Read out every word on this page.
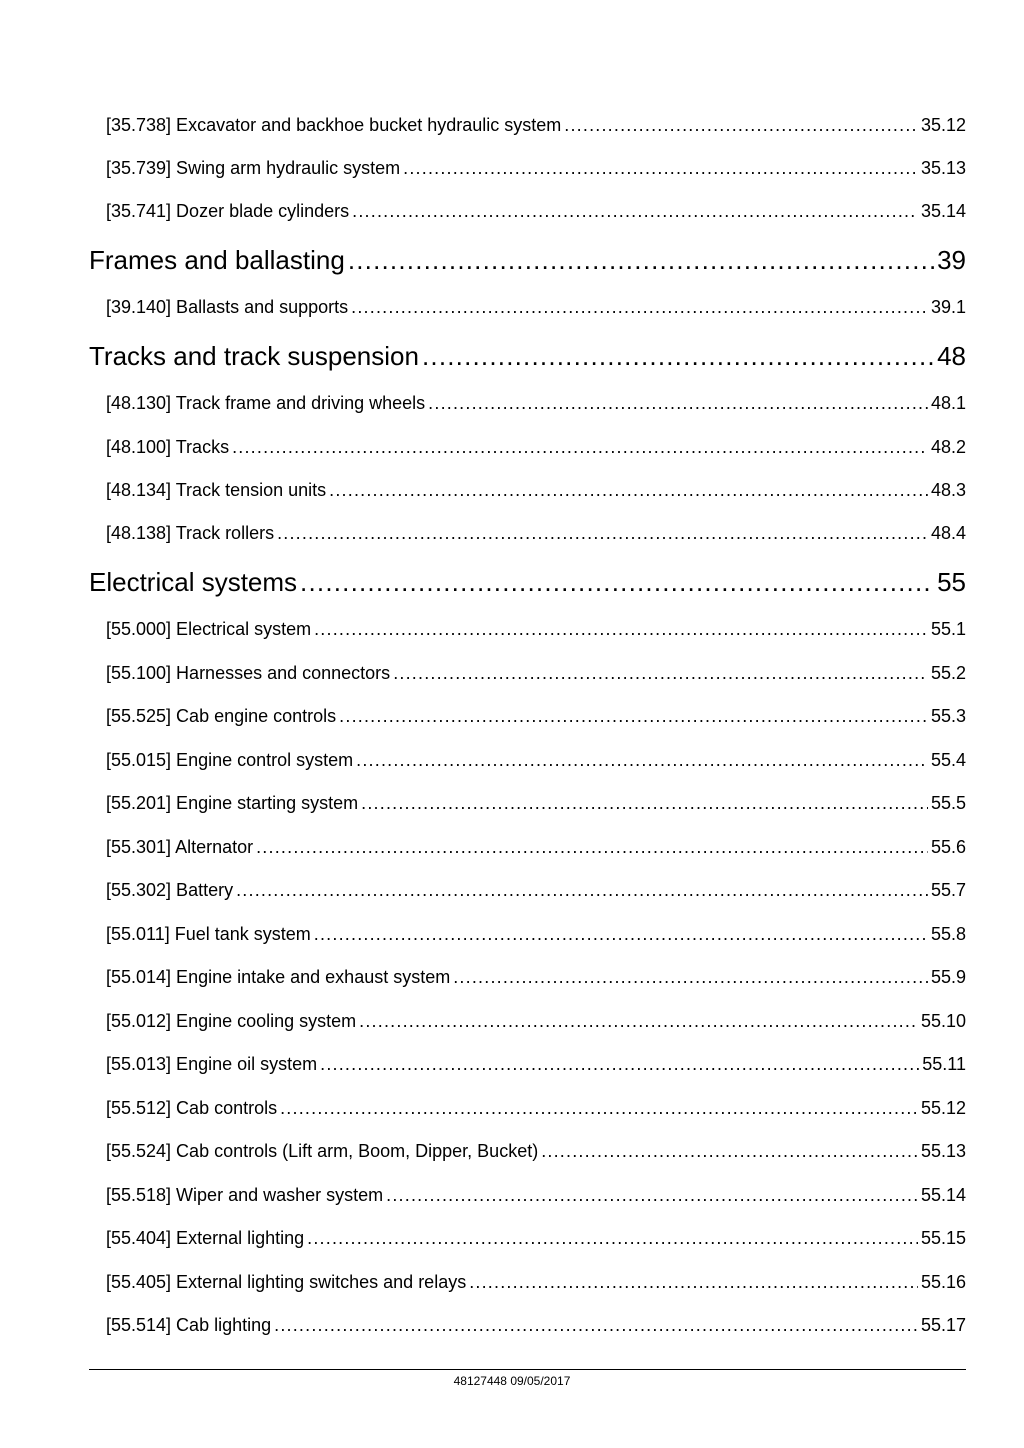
[35.738] Excavator and backhoe bucket hydraulic system .....	35.12
[35.739] Swing arm hydraulic system .....	35.13
[35.741] Dozer blade cylinders .....	35.14
Frames and ballasting .....	39
[39.140] Ballasts and supports .....	39.1
Tracks and track suspension .....	48
[48.130] Track frame and driving wheels .....	48.1
[48.100] Tracks .....	48.2
[48.134] Track tension units .....	48.3
[48.138] Track rollers .....	48.4
Electrical systems .....	55
[55.000] Electrical system .....	55.1
[55.100] Harnesses and connectors .....	55.2
[55.525] Cab engine controls .....	55.3
[55.015] Engine control system .....	55.4
[55.201] Engine starting system .....	55.5
[55.301] Alternator .....	55.6
[55.302] Battery .....	55.7
[55.011] Fuel tank system .....	55.8
[55.014] Engine intake and exhaust system .....	55.9
[55.012] Engine cooling system .....	55.10
[55.013] Engine oil system .....	55.11
[55.512] Cab controls .....	55.12
[55.524] Cab controls (Lift arm, Boom, Dipper, Bucket) .....	55.13
[55.518] Wiper and washer system .....	55.14
[55.404] External lighting .....	55.15
[55.405] External lighting switches and relays .....	55.16
[55.514] Cab lighting .....	55.17
48127448 09/05/2017
